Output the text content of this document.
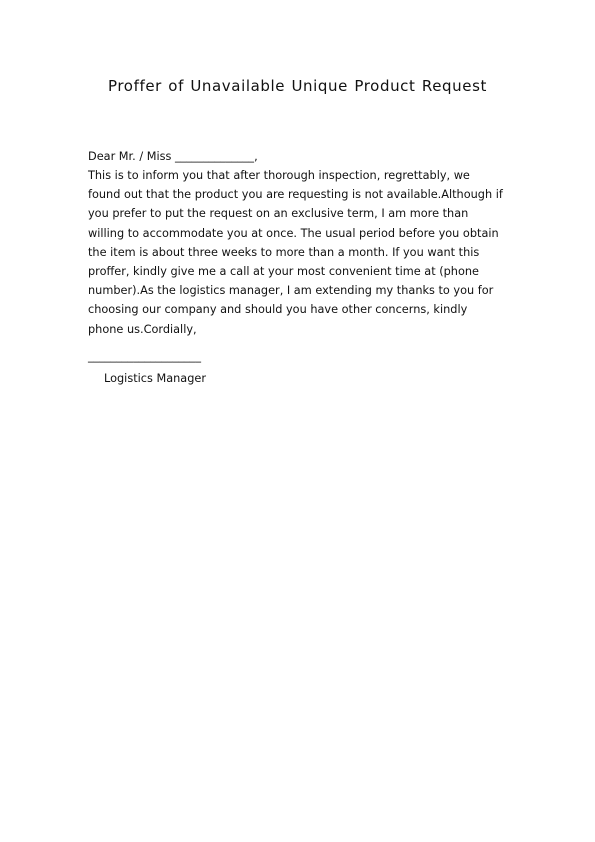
Proffer of Unavailable Unique Product Request
Dear Mr. / Miss ______________,
This is to inform you that after thorough inspection, regrettably, we
found out that the product you are requesting is not available.Although if
you prefer to put the request on an exclusive term, I am more than
willing to accommodate you at once. The usual period before you obtain
the item is about three weeks to more than a month. If you want this
proffer, kindly give me a call at your most convenient time at (phone
number).As the logistics manager, I am extending my thanks to you for
choosing our company and should you have other concerns, kindly
phone us.Cordially,
____________________
Logistics Manager
